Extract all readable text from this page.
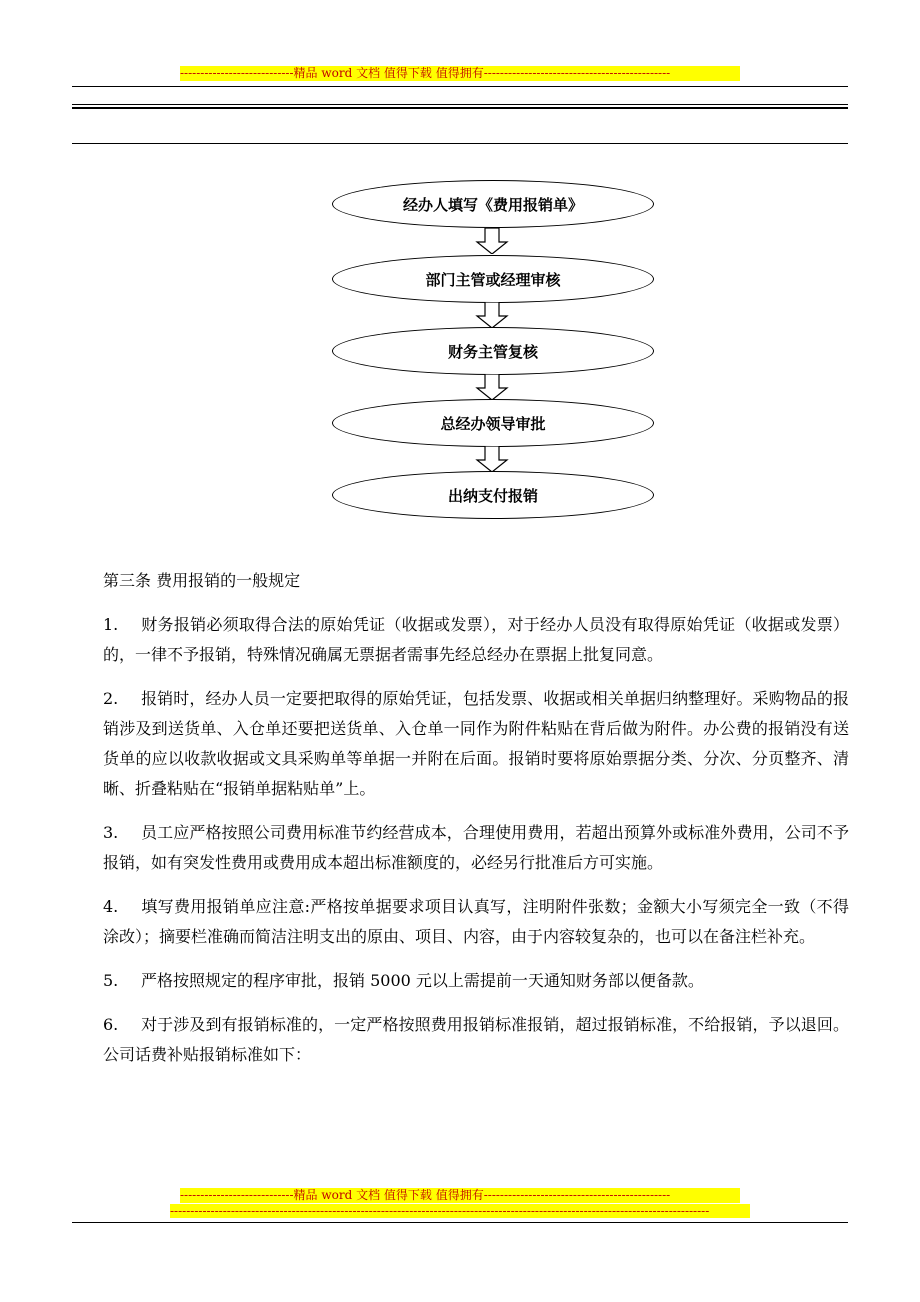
----------------------------精品 word 文档 值得下载 值得拥有----------------------------------------------
经办人填写《费用报销单》
部门主管或经理审核
财务主管复核
总经办领导审批
出纳支付报销

第三条 费用报销的一般规定

1. 财务报销必须取得合法的原始凭证（收据或发票），对于经办人员没有取得原始凭证（收据或发票）的，一律不予报销，特殊情况确属无票据者需事先经总经办在票据上批复同意。

2. 报销时，经办人员一定要把取得的原始凭证，包括发票、收据或相关单据归纳整理好。采购物品的报销涉及到送货单、入仓单还要把送货单、入仓单一同作为附件粘贴在背后做为附件。办公费的报销没有送货单的应以收款收据或文具采购单等单据一并附在后面。报销时要将原始票据分类、分次、分页整齐、清晰、折叠粘贴在“报销单据粘贴单”上。

3. 员工应严格按照公司费用标准节约经营成本，合理使用费用，若超出预算外或标准外费用，公司不予报销，如有突发性费用或费用成本超出标准额度的，必经另行批准后方可实施。

4. 填写费用报销单应注意:严格按单据要求项目认真写，注明附件张数；金额大小写须完全一致（不得涂改）；摘要栏准确而简洁注明支出的原由、项目、内容，由于内容较复杂的，也可以在备注栏补充。

5. 严格按照规定的程序审批，报销 5000 元以上需提前一天通知财务部以便备款。

6. 对于涉及到有报销标准的，一定严格按照费用报销标准报销，超过报销标准，不给报销，予以退回。公司话费补贴报销标准如下：

----------------------------精品 word 文档 值得下载 值得拥有----------------------------------------------
-------------------------------------------------------------------------------------------------------------------------------------
